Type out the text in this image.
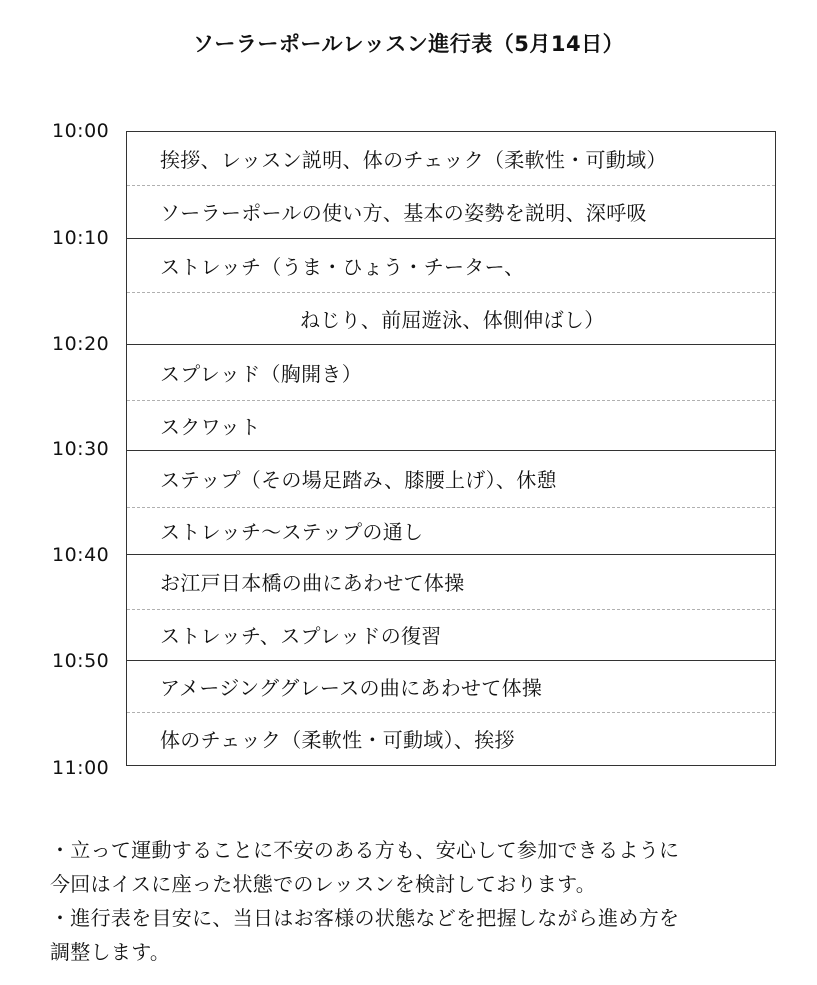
ソーラーポールレッスン進行表（5月14日）
10:00
10:10
10:20
10:30
10:40
10:50
11:00
挨拶、レッスン説明、体のチェック（柔軟性・可動域）
ソーラーポールの使い方、基本の姿勢を説明、深呼吸
ストレッチ（うま・ひょう・チーター、
ねじり、前屈遊泳、体側伸ばし）
スプレッド（胸開き）
スクワット
ステップ（その場足踏み、膝腰上げ）、休憩
ストレッチ〜ステップの通し
お江戸日本橋の曲にあわせて体操
ストレッチ、スプレッドの復習
アメージンググレースの曲にあわせて体操
体のチェック（柔軟性・可動域）、挨拶

・立って運動することに不安のある方も、安心して参加できるように

今回はイスに座った状態でのレッスンを検討しております。

・進行表を目安に、当日はお客様の状態などを把握しながら進め方を

調整します。
